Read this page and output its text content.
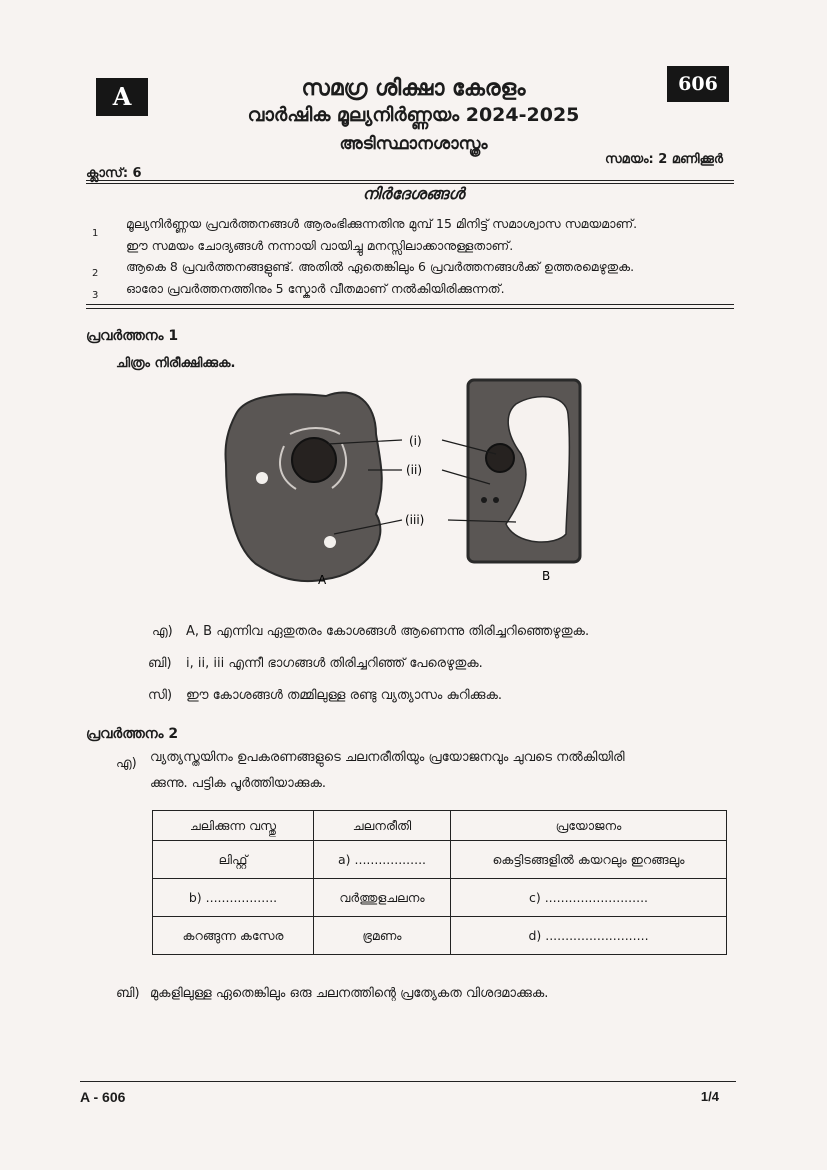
A	606
സമഗ്ര ശിക്ഷാ കേരളം
വാർഷിക മൂല്യനിർണ്ണയം 2024-2025
അടിസ്ഥാനശാസ്ത്രം
സമയം: 2 മണിക്കൂർ
ക്ലാസ്: 6
നിർദേശങ്ങൾ
1
മൂല്യനിർണ്ണയ പ്രവർത്തനങ്ങൾ ആരംഭിക്കുന്നതിനു മുമ്പ് 15 മിനിട്ട് സമാശ്വാസ സമയമാണ്.
ഈ സമയം ചോദ്യങ്ങൾ നന്നായി വായിച്ചു മനസ്സിലാക്കാനുള്ളതാണ്.
2 ആകെ 8 പ്രവർത്തനങ്ങളുണ്ട്. അതിൽ ഏതെങ്കിലും 6 പ്രവർത്തനങ്ങൾക്ക് ഉത്തരമെഴുതുക.
3 ഓരോ പ്രവർത്തനത്തിനും 5 സ്കോർ വീതമാണ് നൽകിയിരിക്കുന്നത്.
പ്രവർത്തനം 1
ചിത്രം നിരീക്ഷിക്കുക.
A	B
(i)
(ii)
(iii)
എ) A, B എന്നിവ ഏതുതരം കോശങ്ങൾ ആണെന്നു തിരിച്ചറിഞ്ഞെഴുതുക.
ബി) i, ii, iii എന്നീ ഭാഗങ്ങൾ തിരിച്ചറിഞ്ഞ് പേരെഴുതുക.
സി) ഈ കോശങ്ങൾ തമ്മിലുള്ള രണ്ടു വ്യത്യാസം കുറിക്കുക.
പ്രവർത്തനം 2
എ) വ്യത്യസ്തയിനം ഉപകരണങ്ങളുടെ ചലനരീതിയും പ്രയോജനവും ചുവടെ നൽകിയിരി
ക്കുന്നു. പട്ടിക പൂർത്തിയാക്കുക.
ചലിക്കുന്ന വസ്തു	ചലനരീതി	പ്രയോജനം
ലിഫ്റ്റ്	a) ..................	കെട്ടിടങ്ങളിൽ കയറലും ഇറങ്ങലും
b) ..................	വർത്തുളചലനം	c) ..........................
കറങ്ങുന്ന കസേര	ഭ്രമണം	d) ..........................
ബി) മുകളിലുള്ള ഏതെങ്കിലും ഒരു ചലനത്തിന്റെ പ്രത്യേകത വിശദമാക്കുക.
A - 606	1/4
